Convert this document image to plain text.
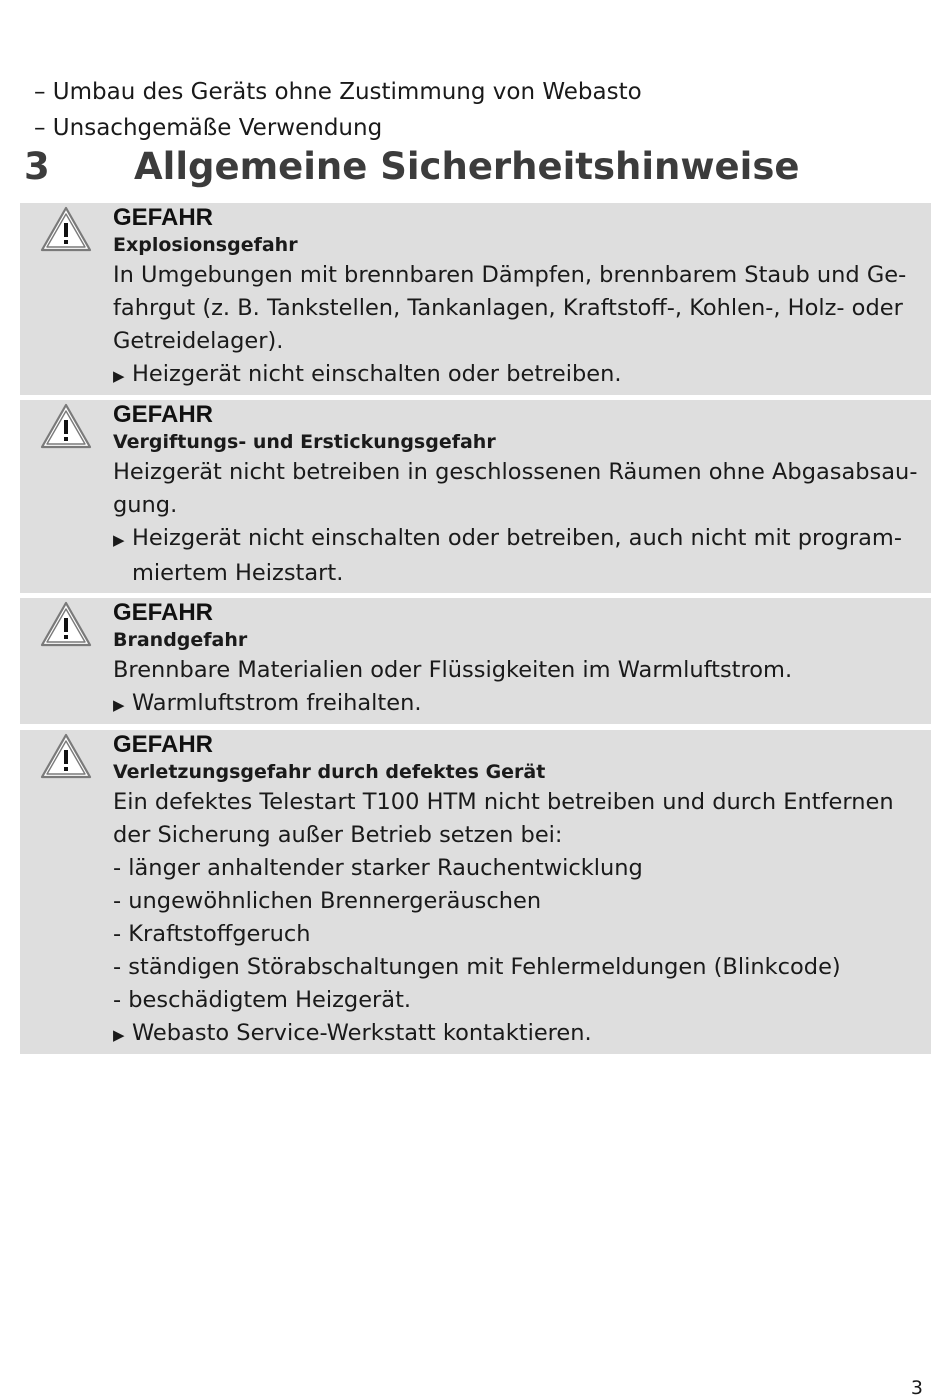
– Umbau des Geräts ohne Zustimmung von Webasto
– Unsachgemäße Verwendung
3 Allgemeine Sicherheitshinweise
GEFAHR
Explosionsgefahr
In Umgebungen mit brennbaren Dämpfen, brennbarem Staub und Ge-
fahrgut (z. B. Tankstellen, Tankanlagen, Kraftstoff-, Kohlen-, Holz- oder
Getreidelager).
▶ Heizgerät nicht einschalten oder betreiben.
GEFAHR
Vergiftungs- und Erstickungsgefahr
Heizgerät nicht betreiben in geschlossenen Räumen ohne Abgasabsau-
gung.
▶ Heizgerät nicht einschalten oder betreiben, auch nicht mit program-
miertem Heizstart.
GEFAHR
Brandgefahr
Brennbare Materialien oder Flüssigkeiten im Warmluftstrom.
▶ Warmluftstrom freihalten.
GEFAHR
Verletzungsgefahr durch defektes Gerät
Ein defektes Telestart T100 HTM nicht betreiben und durch Entfernen
der Sicherung außer Betrieb setzen bei:
- länger anhaltender starker Rauchentwicklung
- ungewöhnlichen Brennergeräuschen
- Kraftstoffgeruch
- ständigen Störabschaltungen mit Fehlermeldungen (Blinkcode)
- beschädigtem Heizgerät.
▶ Webasto Service-Werkstatt kontaktieren.
3
